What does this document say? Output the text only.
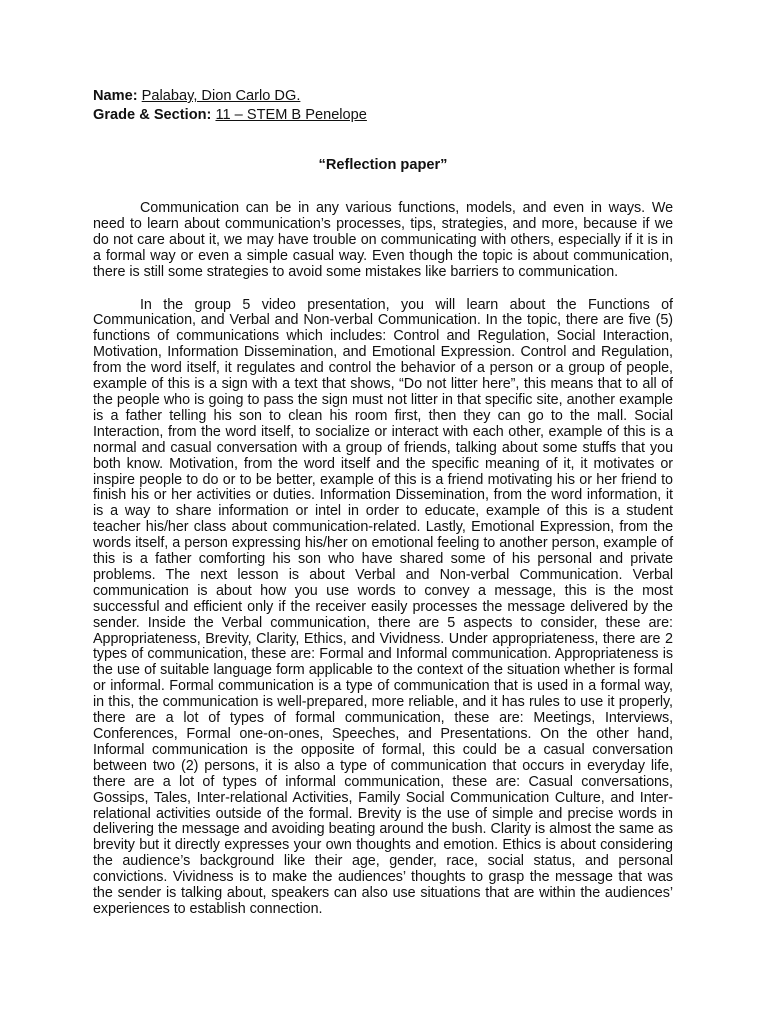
Name: Palabay, Dion Carlo DG.
Grade & Section: 11 – STEM B Penelope
“Reflection paper”

Communication can be in any various functions, models, and even in ways. We need to learn about communication’s processes, tips, strategies, and more, because if we do not care about it, we may have trouble on communicating with others, especially if it is in a formal way or even a simple casual way. Even though the topic is about communication, there is still some strategies to avoid some mistakes like barriers to communication.

In the group 5 video presentation, you will learn about the Functions of Communication, and Verbal and Non-verbal Communication. In the topic, there are five (5) functions of communications which includes: Control and Regulation, Social Interaction, Motivation, Information Dissemination, and Emotional Expression. Control and Regulation, from the word itself, it regulates and control the behavior of a person or a group of people, example of this is a sign with a text that shows, “Do not litter here”, this means that to all of the people who is going to pass the sign must not litter in that specific site, another example is a father telling his son to clean his room first, then they can go to the mall. Social Interaction, from the word itself, to socialize or interact with each other, example of this is a normal and casual conversation with a group of friends, talking about some stuffs that you both know. Motivation, from the word itself and the specific meaning of it, it motivates or inspire people to do or to be better, example of this is a friend motivating his or her friend to finish his or her activities or duties. Information Dissemination, from the word information, it is a way to share information or intel in order to educate, example of this is a student teacher his/her class about communication-related. Lastly, Emotional Expression, from the words itself, a person expressing his/her on emotional feeling to another person, example of this is a father comforting his son who have shared some of his personal and private problems. The next lesson is about Verbal and Non-verbal Communication. Verbal communication is about how you use words to convey a message, this is the most successful and efficient only if the receiver easily processes the message delivered by the sender. Inside the Verbal communication, there are 5 aspects to consider, these are: Appropriateness, Brevity, Clarity, Ethics, and Vividness. Under appropriateness, there are 2 types of communication, these are: Formal and Informal communication. Appropriateness is the use of suitable language form applicable to the context of the situation whether is formal or informal. Formal communication is a type of communication that is used in a formal way, in this, the communication is well-prepared, more reliable, and it has rules to use it properly, there are a lot of types of formal communication, these are: Meetings, Interviews, Conferences, Formal one-on-ones, Speeches, and Presentations. On the other hand, Informal communication is the opposite of formal, this could be a casual conversation between two (2) persons, it is also a type of communication that occurs in everyday life, there are a lot of types of informal communication, these are: Casual conversations, Gossips, Tales, Inter-relational Activities, Family Social Communication Culture, and Inter-relational activities outside of the formal. Brevity is the use of simple and precise words in delivering the message and avoiding beating around the bush. Clarity is almost the same as brevity but it directly expresses your own thoughts and emotion. Ethics is about considering the audience’s background like their age, gender, race, social status, and personal convictions. Vividness is to make the audiences’ thoughts to grasp the message that was the sender is talking about, speakers can also use situations that are within the audiences’ experiences to establish connection.
